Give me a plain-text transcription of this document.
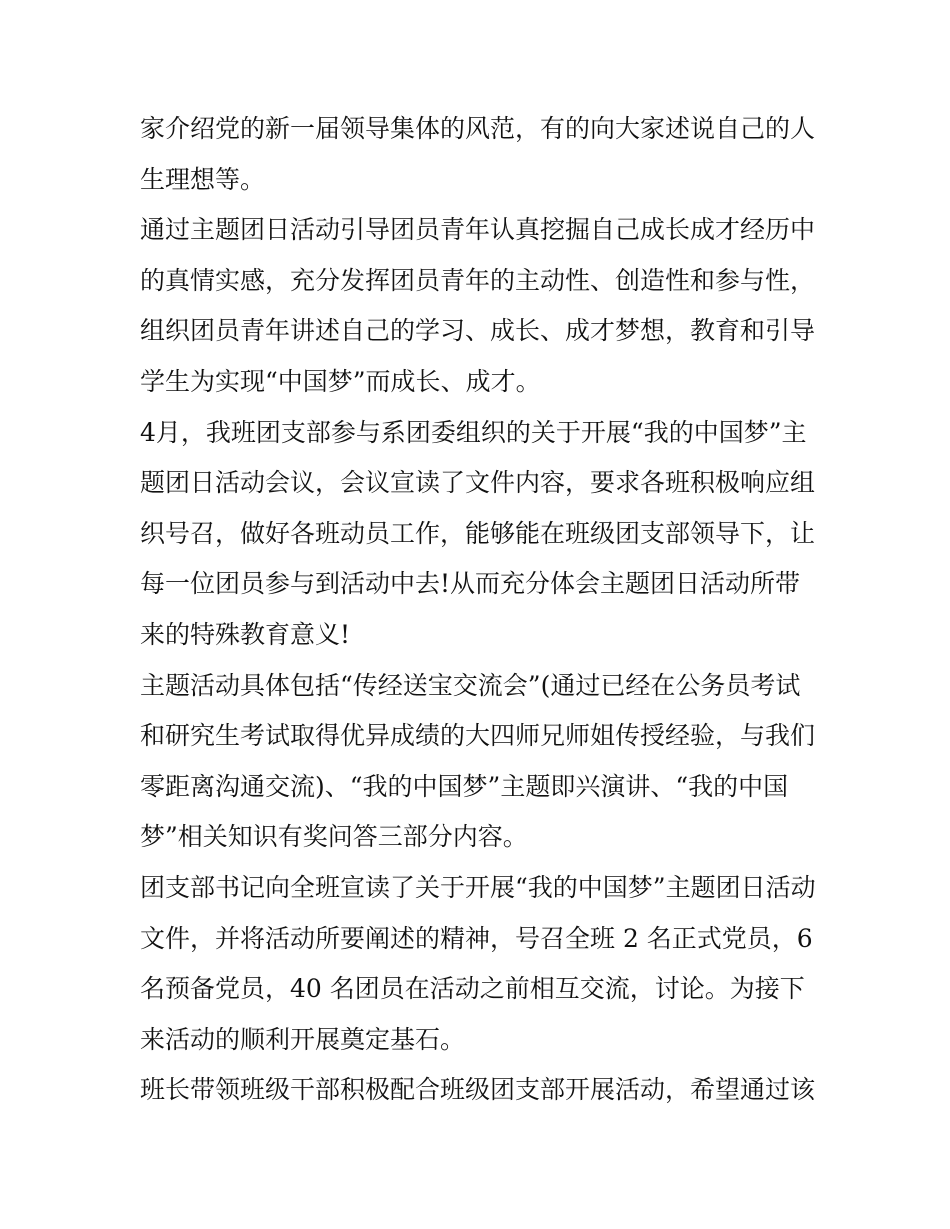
家介绍党的新一届领导集体的风范，有的向大家述说自己的人
生理想等。
通过主题团日活动引导团员青年认真挖掘自己成长成才经历中
的真情实感，充分发挥团员青年的主动性、创造性和参与性，
组织团员青年讲述自己的学习、成长、成才梦想，教育和引导
学生为实现“中国梦”而成长、成才。
4月，我班团支部参与系团委组织的关于开展“我的中国梦”主
题团日活动会议，会议宣读了文件内容，要求各班积极响应组
织号召，做好各班动员工作，能够能在班级团支部领导下，让
每一位团员参与到活动中去!从而充分体会主题团日活动所带
来的特殊教育意义!
主题活动具体包括“传经送宝交流会”(通过已经在公务员考试
和研究生考试取得优异成绩的大四师兄师姐传授经验，与我们
零距离沟通交流)、“我的中国梦”主题即兴演讲、“我的中国
梦”相关知识有奖问答三部分内容。
团支部书记向全班宣读了关于开展“我的中国梦”主题团日活动
文件，并将活动所要阐述的精神，号召全班 2 名正式党员，6
名预备党员，40 名团员在活动之前相互交流，讨论。为接下
来活动的顺利开展奠定基石。
班长带领班级干部积极配合班级团支部开展活动，希望通过该
